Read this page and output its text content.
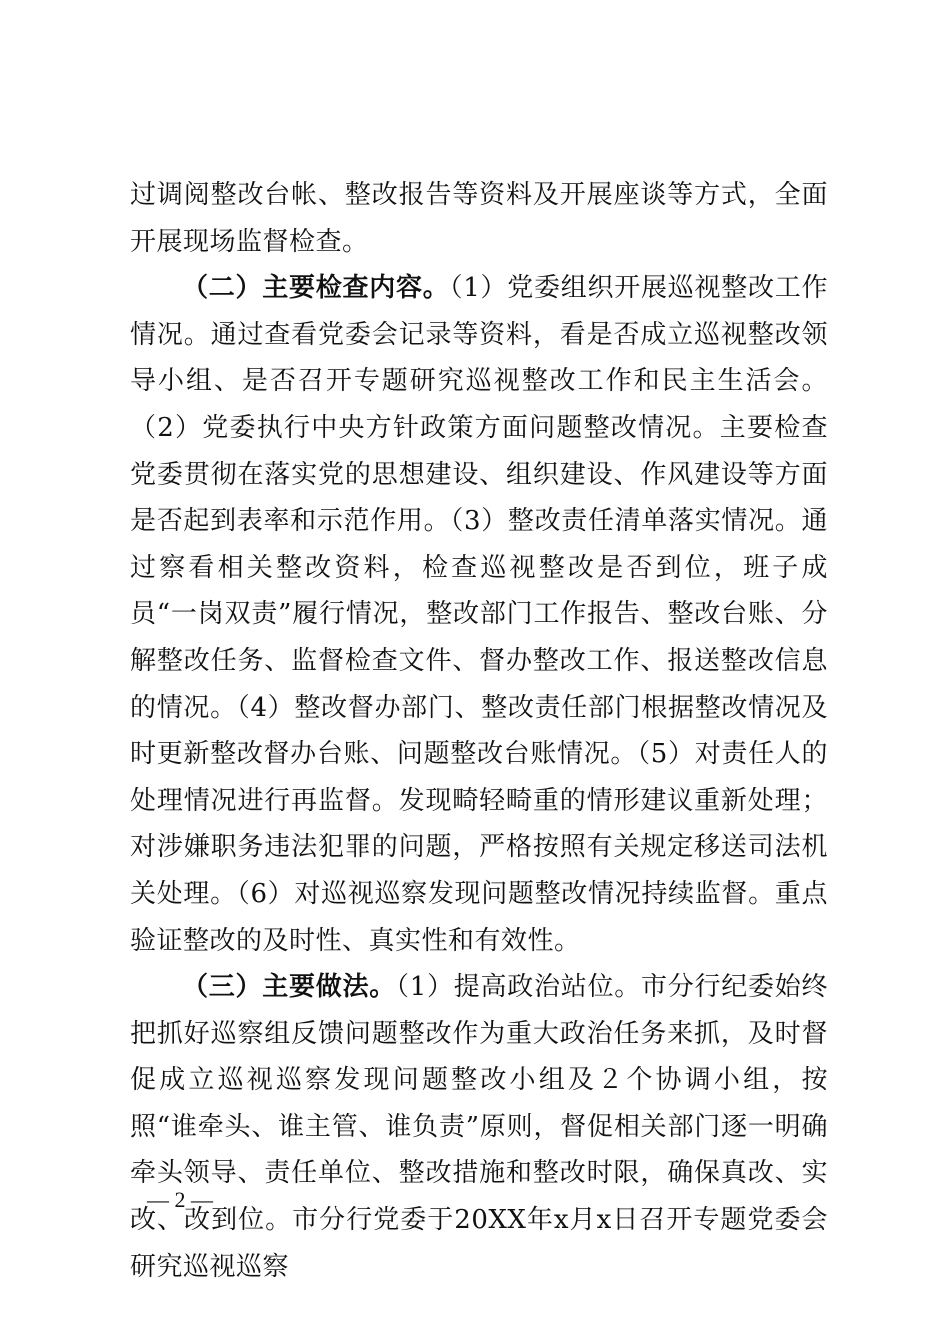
过调阅整改台帐、整改报告等资料及开展座谈等方式，全面开展现场监督检查。

（二）主要检查内容。（1）党委组织开展巡视整改工作情况。通过查看党委会记录等资料，看是否成立巡视整改领导小组、是否召开专题研究巡视整改工作和民主生活会。（2）党委执行中央方针政策方面问题整改情况。主要检查党委贯彻在落实党的思想建设、组织建设、作风建设等方面是否起到表率和示范作用。（3）整改责任清单落实情况。通过察看相关整改资料，检查巡视整改是否到位，班子成员“一岗双责”履行情况，整改部门工作报告、整改台账、分解整改任务、监督检查文件、督办整改工作、报送整改信息的情况。（4）整改督办部门、整改责任部门根据整改情况及时更新整改督办台账、问题整改台账情况。（5）对责任人的处理情况进行再监督。发现畸轻畸重的情形建议重新处理；对涉嫌职务违法犯罪的问题，严格按照有关规定移送司法机关处理。（6）对巡视巡察发现问题整改情况持续监督。重点验证整改的及时性、真实性和有效性。

（三）主要做法。（1）提高政治站位。市分行纪委始终把抓好巡察组反馈问题整改作为重大政治任务来抓，及时督促成立巡视巡察发现问题整改小组及２个协调小组，按照“谁牵头、谁主管、谁负责”原则，督促相关部门逐一明确牵头领导、责任单位、整改措施和整改时限，确保真改、实改、改到位。市分行党委于20XX年x月x日召开专题党委会研究巡视巡察

— 2 —
